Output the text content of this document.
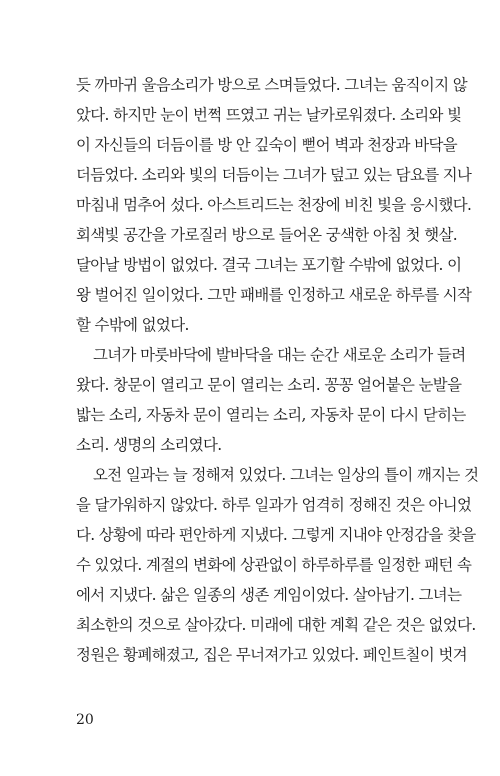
듯 까마귀 울음소리가 방으로 스며들었다. 그녀는 움직이지 않
았다. 하지만 눈이 번쩍 뜨였고 귀는 날카로워졌다. 소리와 빛
이 자신들의 더듬이를 방 안 깊숙이 뻗어 벽과 천장과 바닥을
더듬었다. 소리와 빛의 더듬이는 그녀가 덮고 있는 담요를 지나
마침내 멈추어 섰다. 아스트리드는 천장에 비친 빛을 응시했다.
회색빛 공간을 가로질러 방으로 들어온 궁색한 아침 첫 햇살.
달아날 방법이 없었다. 결국 그녀는 포기할 수밖에 없었다. 이
왕 벌어진 일이었다. 그만 패배를 인정하고 새로운 하루를 시작
할 수밖에 없었다.
그녀가 마룻바닥에 발바닥을 대는 순간 새로운 소리가 들려
왔다. 창문이 열리고 문이 열리는 소리. 꽁꽁 얼어붙은 눈발을
밟는 소리, 자동차 문이 열리는 소리, 자동차 문이 다시 닫히는
소리. 생명의 소리였다.
오전 일과는 늘 정해져 있었다. 그녀는 일상의 틀이 깨지는 것
을 달가워하지 않았다. 하루 일과가 엄격히 정해진 것은 아니었
다. 상황에 따라 편안하게 지냈다. 그렇게 지내야 안정감을 찾을
수 있었다. 계절의 변화에 상관없이 하루하루를 일정한 패턴 속
에서 지냈다. 삶은 일종의 생존 게임이었다. 살아남기. 그녀는
최소한의 것으로 살아갔다. 미래에 대한 계획 같은 것은 없었다.
정원은 황폐해졌고, 집은 무너져가고 있었다. 페인트칠이 벗겨
20
